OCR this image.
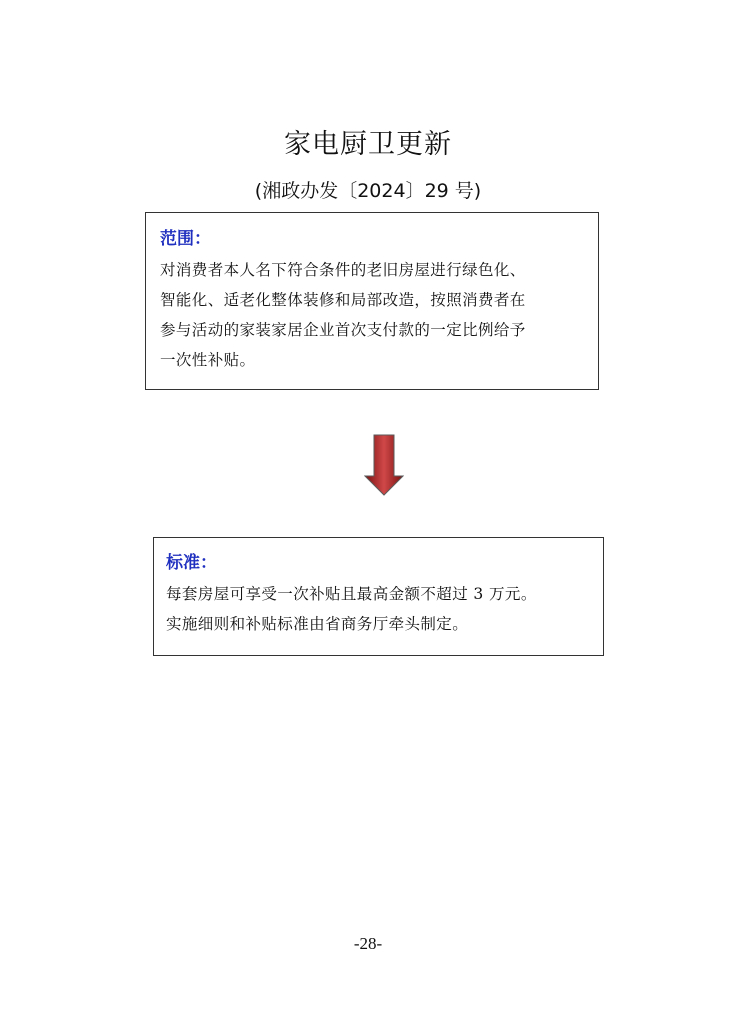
家电厨卫更新
(湘政办发〔2024〕29 号)
范围：
对消费者本人名下符合条件的老旧房屋进行绿色化、
智能化、适老化整体装修和局部改造，按照消费者在
参与活动的家装家居企业首次支付款的一定比例给予
一次性补贴。
标准：
每套房屋可享受一次补贴且最高金额不超过 3 万元。
实施细则和补贴标准由省商务厅牵头制定。
-28-
